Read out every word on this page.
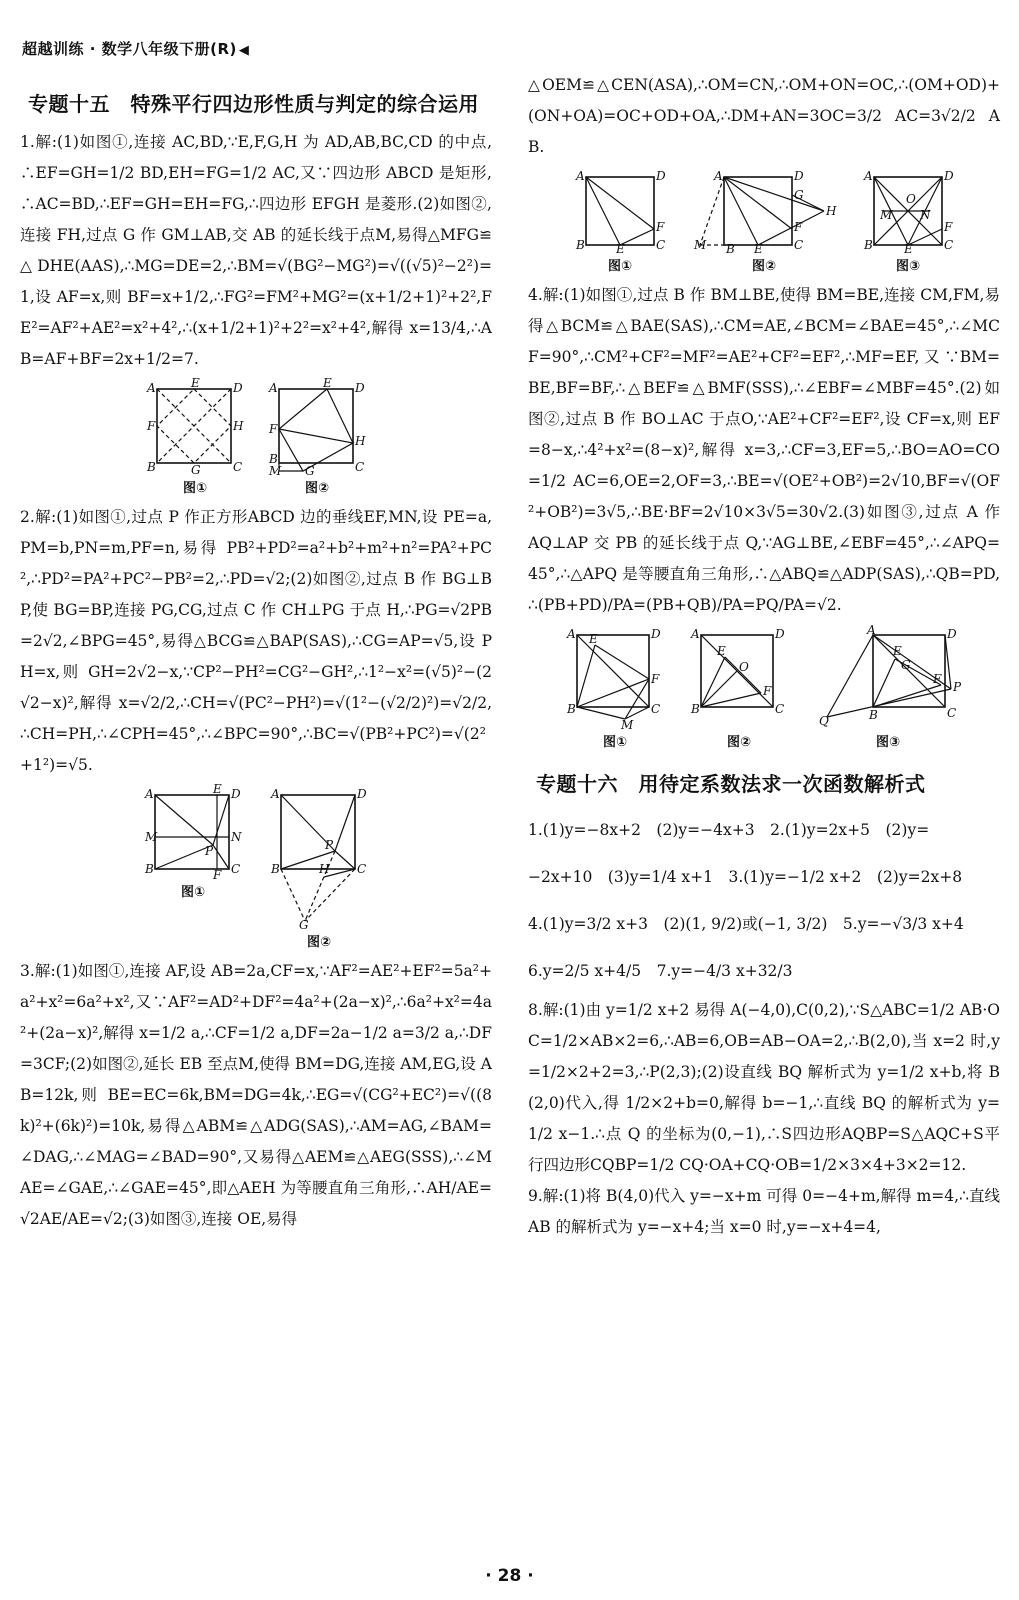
超越训练 · 数学八年级下册(R) ◀
专题十五　特殊平行四边形性质与判定的综合运用

1.解:(1)如图①,连接 AC,BD,∵E,F,G,H 为 AD,AB,BC,CD 的中点,∴EF=GH=1/2 BD,EH=FG=1/2 AC,又∵四边形 ABCD 是矩形,∴AC=BD,∴EF=GH=EH=FG,∴四边形 EFGH 是菱形.(2)如图②,连接 FH,过点 G 作 GM⊥AB,交 AB 的延长线于点M,易得△MFG≌△DHE(AAS),∴MG=DE=2,∴BM=√(BG²−MG²)=√((√5)²−2²)=1,设 AF=x,则 BF=x+1/2,∴FG²=FM²+MG²=(x+1/2+1)²+2²,FE²=AF²+AE²=x²+4²,∴(x+1/2+1)²+2²=x²+4²,解得 x=13/4,∴AB=AF+BF=2x+1/2=7.

A	D
B	C
E
F	H
G
图①
A	D
E
F
H
B
M G	C
图②

2.解:(1)如图①,过点 P 作正方形ABCD 边的垂线EF,MN,设 PE=a,PM=b,PN=m,PF=n,易得 PB²+PD²=a²+b²+m²+n²=PA²+PC²,∴PD²=PA²+PC²−PB²=2,∴PD=√2;(2)如图②,过点 B 作 BG⊥BP,使 BG=BP,连接 PG,CG,过点 C 作 CH⊥PG 于点 H,∴PG=√2PB=2√2,∠BPG=45°,易得△BCG≌△BAP(SAS),∴CG=AP=√5,设 PH=x,则 GH=2√2−x,∵CP²−PH²=CG²−GH²,∴1²−x²=(√5)²−(2√2−x)²,解得 x=√2/2,∴CH=√(PC²−PH²)=√(1²−(√2/2)²)=√2/2,∴CH=PH,∴∠CPH=45°,∴∠BPC=90°,∴BC=√(PB²+PC²)=√(2²+1²)=√5.

A	D
E
M	N
P
B	C
F
图①
A	D
P
H
B	C
G
图②

3.解:(1)如图①,连接 AF,设 AB=2a,CF=x,∵AF²=AE²+EF²=5a²+a²+x²=6a²+x²,又∵AF²=AD²+DF²=4a²+(2a−x)²,∴6a²+x²=4a²+(2a−x)²,解得 x=1/2 a,∴CF=1/2 a,DF=2a−1/2 a=3/2 a,∴DF=3CF;(2)如图②,延长 EB 至点M,使得 BM=DG,连接 AM,EG,设 AB=12k,则 BE=EC=6k,BM=DG=4k,∴EG=√(CG²+EC²)=√((8k)²+(6k)²)=10k,易得△ABM≌△ADG(SAS),∴AM=AG,∠BAM=∠DAG,∴∠MAG=∠BAD=90°,又易得△AEM≌△AEG(SSS),∴∠MAE=∠GAE,∴∠GAE=45°,即△AEH 为等腰直角三角形,∴AH/AE=√2AE/AE=√2;(3)如图③,连接 OE,易得

△OEM≌△CEN(ASA),∴OM=CN,∴OM+ON=OC,∴(OM+OD)+(ON+OA)=OC+OD+OA,∴DM+AN=3OC=3/2 AC=3√2/2 AB.

A	D
B	C
E
F
图①
A	D
G
H
M B E
F
C
图②
A	D
M
O
N
F
B	E	C
图③

4.解:(1)如图①,过点 B 作 BM⊥BE,使得 BM=BE,连接 CM,FM,易得△BCM≌△BAE(SAS),∴CM=AE,∠BCM=∠BAE=45°,∴∠MCF=90°,∴CM²+CF²=MF²=AE²+CF²=EF²,∴MF=EF,又∵BM=BE,BF=BF,∴△BEF≌△BMF(SSS),∴∠EBF=∠MBF=45°.(2)如图②,过点 B 作 BO⊥AC 于点O,∵AE²+CF²=EF²,设 CF=x,则 EF=8−x,∴4²+x²=(8−x)²,解得 x=3,∴CF=3,EF=5,∴BO=AO=CO=1/2 AC=6,OE=2,OF=3,∴BE=√(OE²+OB²)=2√10,BF=√(OF²+OB²)=3√5,∴BE·BF=2√10×3√5=30√2.(3)如图③,过点 A 作 AQ⊥AP 交 PB 的延长线于点 Q,∵AG⊥BE,∠EBF=45°,∴∠APQ=45°,∴△APQ 是等腰直角三角形,∴△ABQ≌△ADP(SAS),∴QB=PD,∴(PB+PD)/PA=(PB+QB)/PA=PQ/PA=√2.

A	D
E
F
B	C
M
图①
A	D
E
O
F
B	C
图②
A	D
E
G
F
P
Q	B	C
图③
专题十六　用待定系数法求一次函数解析式
1.(1)y=−8x+2　(2)y=−4x+3　2.(1)y=2x+5　(2)y=
−2x+10　(3)y=1/4 x+1　3.(1)y=−1/2 x+2　(2)y=2x+8
4.(1)y=3/2 x+3　(2)(1, 9/2)或(−1, 3/2)　5.y=−√3/3 x+4
6.y=2/5 x+4/5　7.y=−4/3 x+32/3

8.解:(1)由 y=1/2 x+2 易得 A(−4,0),C(0,2),∵S△ABC=1/2 AB·OC=1/2×AB×2=6,∴AB=6,OB=AB−OA=2,∴B(2,0),当 x=2 时,y=1/2×2+2=3,∴P(2,3);(2)设直线 BQ 解析式为 y=1/2 x+b,将 B(2,0)代入,得 1/2×2+b=0,解得 b=−1,∴直线 BQ 的解析式为 y=1/2 x−1.∴点 Q 的坐标为(0,−1),∴S四边形AQBP=S△AQC+S平行四边形CQBP=1/2 CQ·OA+CQ·OB=1/2×3×4+3×2=12.

9.解:(1)将 B(4,0)代入 y=−x+m 可得 0=−4+m,解得 m=4,∴直线 AB 的解析式为 y=−x+4;当 x=0 时,y=−x+4=4,

· 28 ·
